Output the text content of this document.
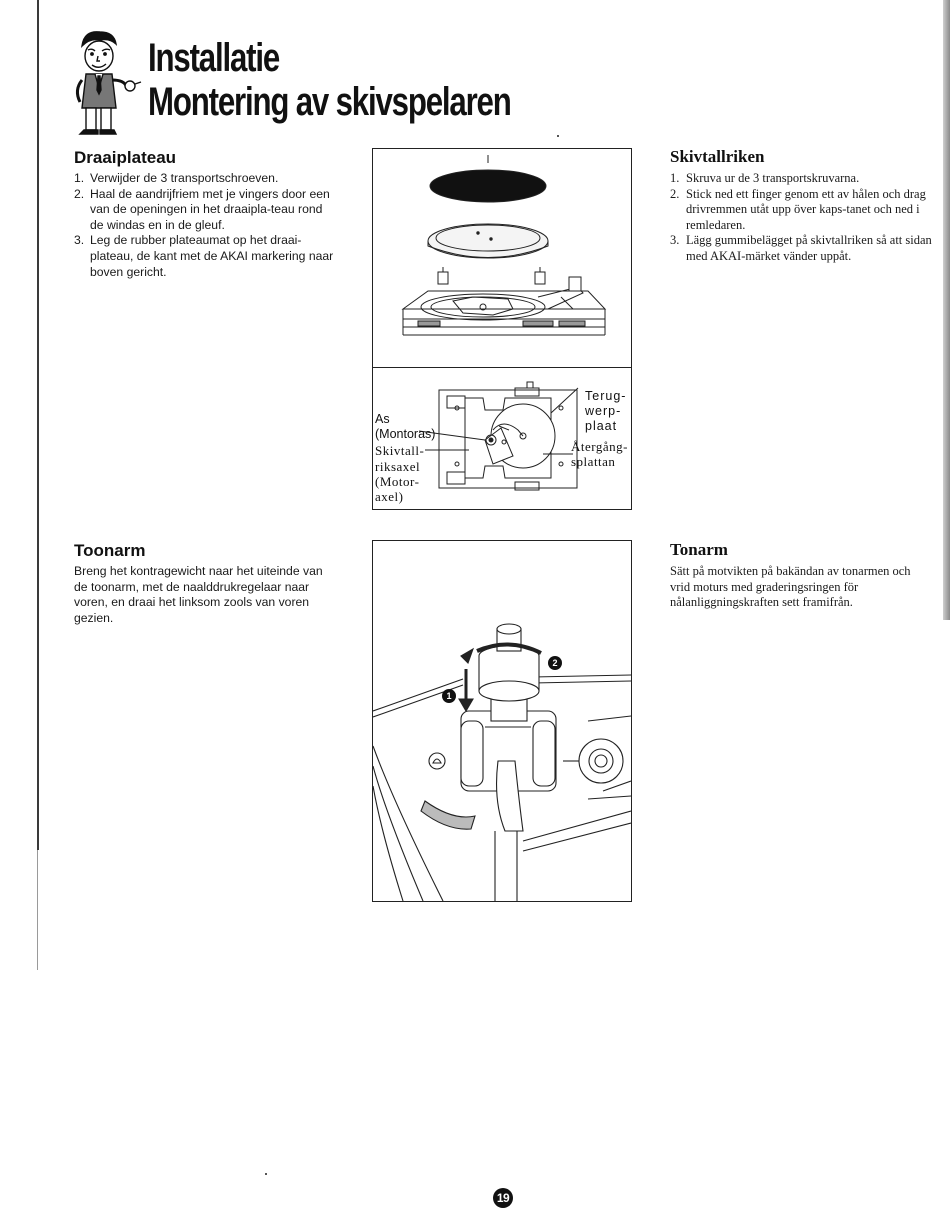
Installatie
Montering av skivspelaren
Draaiplateau
1. Verwijder de 3 transportschroeven.
2. Haal de aandrijfriem met je vingers door een van de openingen in het draaipla-teau rond de windas en in de gleuf.
3. Leg de rubber plateaumat op het draai-plateau, de kant met de AKAI markering naar boven gericht.
Skivtallriken
1. Skruva ur de 3 transportskruvarna.
2. Stick ned ett finger genom ett av hålen och drag drivremmen utåt upp över kaps-tanet och ned i remledaren.
3. Lägg gummibelägget på skivtallriken så att sidan med AKAI-märket vänder uppåt.
As
(Montoras)
Skivtall-
riksaxel
(Motor-
axel)
Terug-
werp-
plaat
Återgång-
splattan
Toonarm

Breng het kontragewicht naar het uiteinde van de toonarm, met de naalddrukregelaar naar voren, en draai het linksom zools van voren gezien.

Tonarm

Sätt på motvikten på bakändan av tonarmen och vrid moturs med graderingsringen för nålanliggningskraften sett framifrån.

1
2
19
